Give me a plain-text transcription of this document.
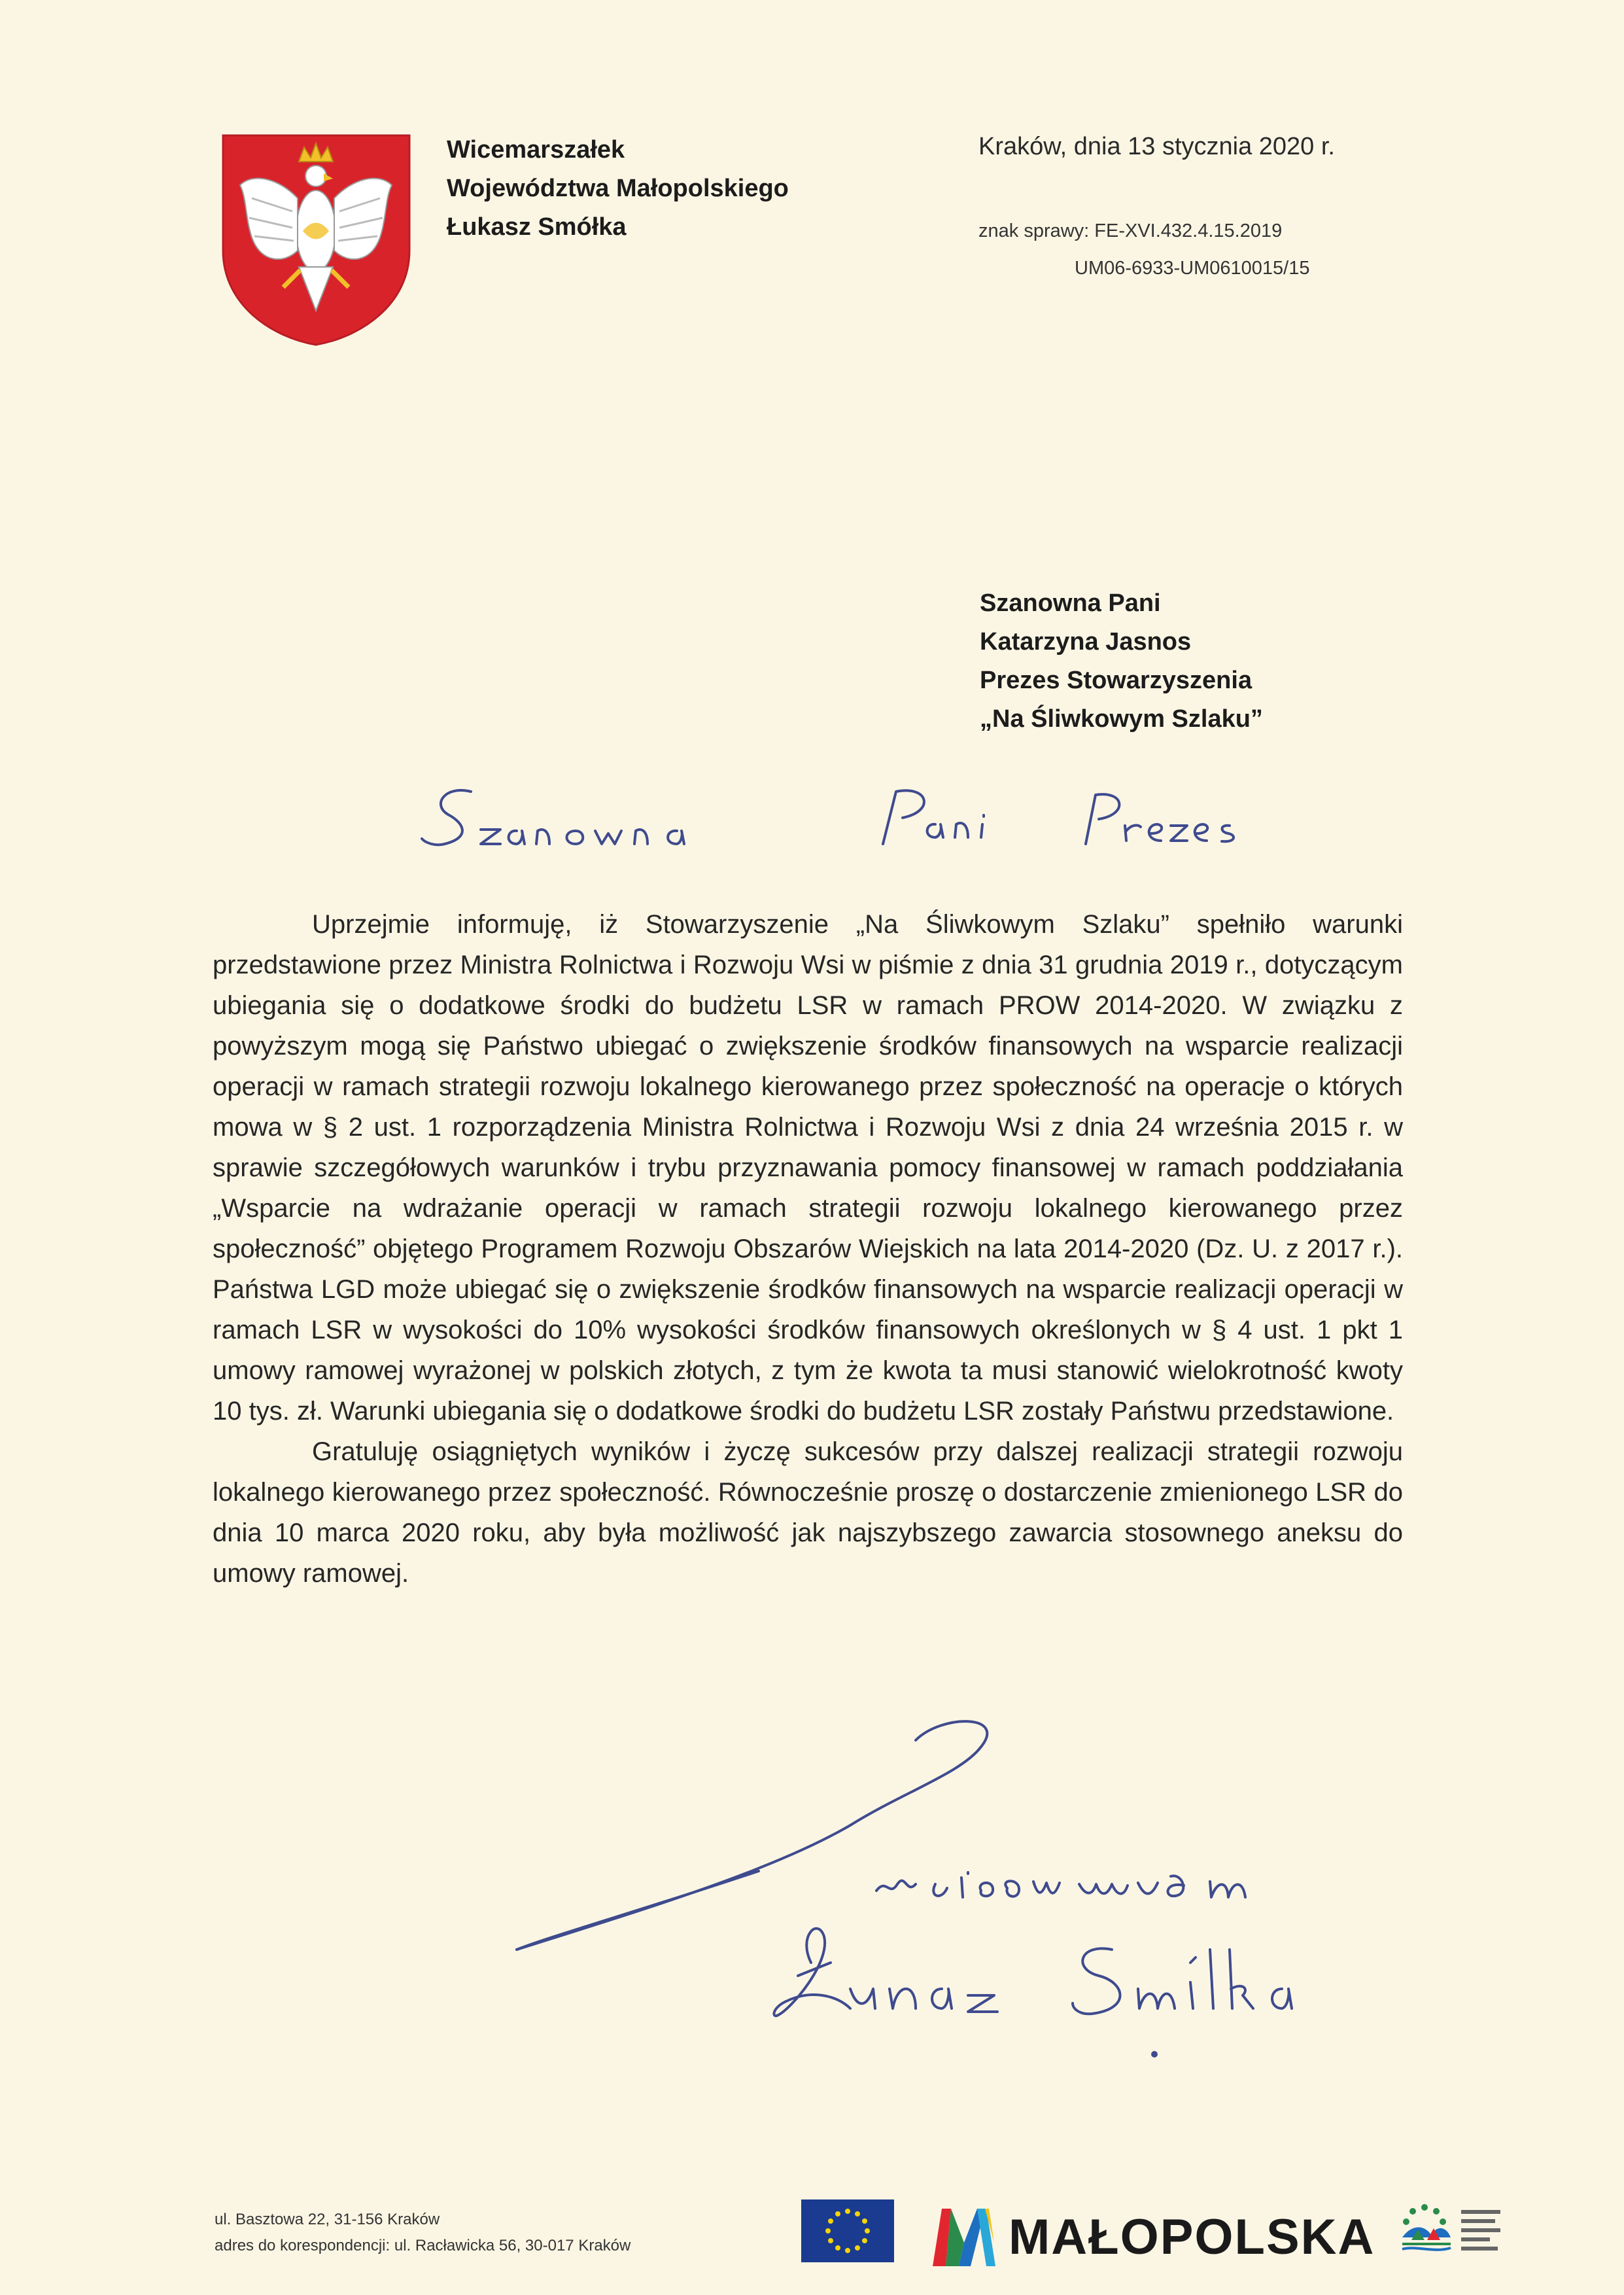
Wicemarszałek
Województwa Małopolskiego
Łukasz Smółka
Kraków, dnia 13 stycznia 2020 r.
znak sprawy: FE-XVI.432.4.15.2019
UM06-6933-UM0610015/15
Szanowna Pani
Katarzyna Jasnos
Prezes Stowarzyszenia
„Na Śliwkowym Szlaku”

Uprzejmie informuję, iż Stowarzyszenie „Na Śliwkowym Szlaku” spełniło warunki przedstawione przez Ministra Rolnictwa i Rozwoju Wsi w piśmie z dnia 31 grudnia 2019 r., dotyczącym ubiegania się o dodatkowe środki do budżetu LSR w ramach PROW 2014-2020. W związku z powyższym mogą się Państwo ubiegać o zwiększenie środków finansowych na wsparcie realizacji operacji w ramach strategii rozwoju lokalnego kierowanego przez społeczność na operacje o których mowa w § 2 ust. 1 rozporządzenia Ministra Rolnictwa i Rozwoju Wsi z dnia 24 września 2015 r. w sprawie szczegółowych warunków i trybu przyznawania pomocy finansowej w ramach poddziałania „Wsparcie na wdrażanie operacji w ramach strategii rozwoju lokalnego kierowanego przez społeczność” objętego Programem Rozwoju Obszarów Wiejskich na lata 2014-2020 (Dz. U. z 2017 r.). Państwa LGD może ubiegać się o zwiększenie środków finansowych na wsparcie realizacji operacji w ramach LSR w wysokości do 10% wysokości środków finansowych określonych w § 4 ust. 1 pkt 1 umowy ramowej wyrażonej w polskich złotych, z tym że kwota ta musi stanowić wielokrotność kwoty 10 tys. zł. Warunki ubiegania się o dodatkowe środki do budżetu LSR zostały Państwu przedstawione.

Gratuluję osiągniętych wyników i życzę sukcesów przy dalszej realizacji strategii rozwoju lokalnego kierowanego przez społeczność. Równocześnie proszę o dostarczenie zmienionego LSR do dnia 10 marca 2020 roku, aby była możliwość jak najszybszego zawarcia stosownego aneksu do umowy ramowej.

ul. Basztowa 22, 31-156 Kraków
adres do korespondencji: ul. Racławicka 56, 30-017 Kraków	MAŁOPOLSKA
